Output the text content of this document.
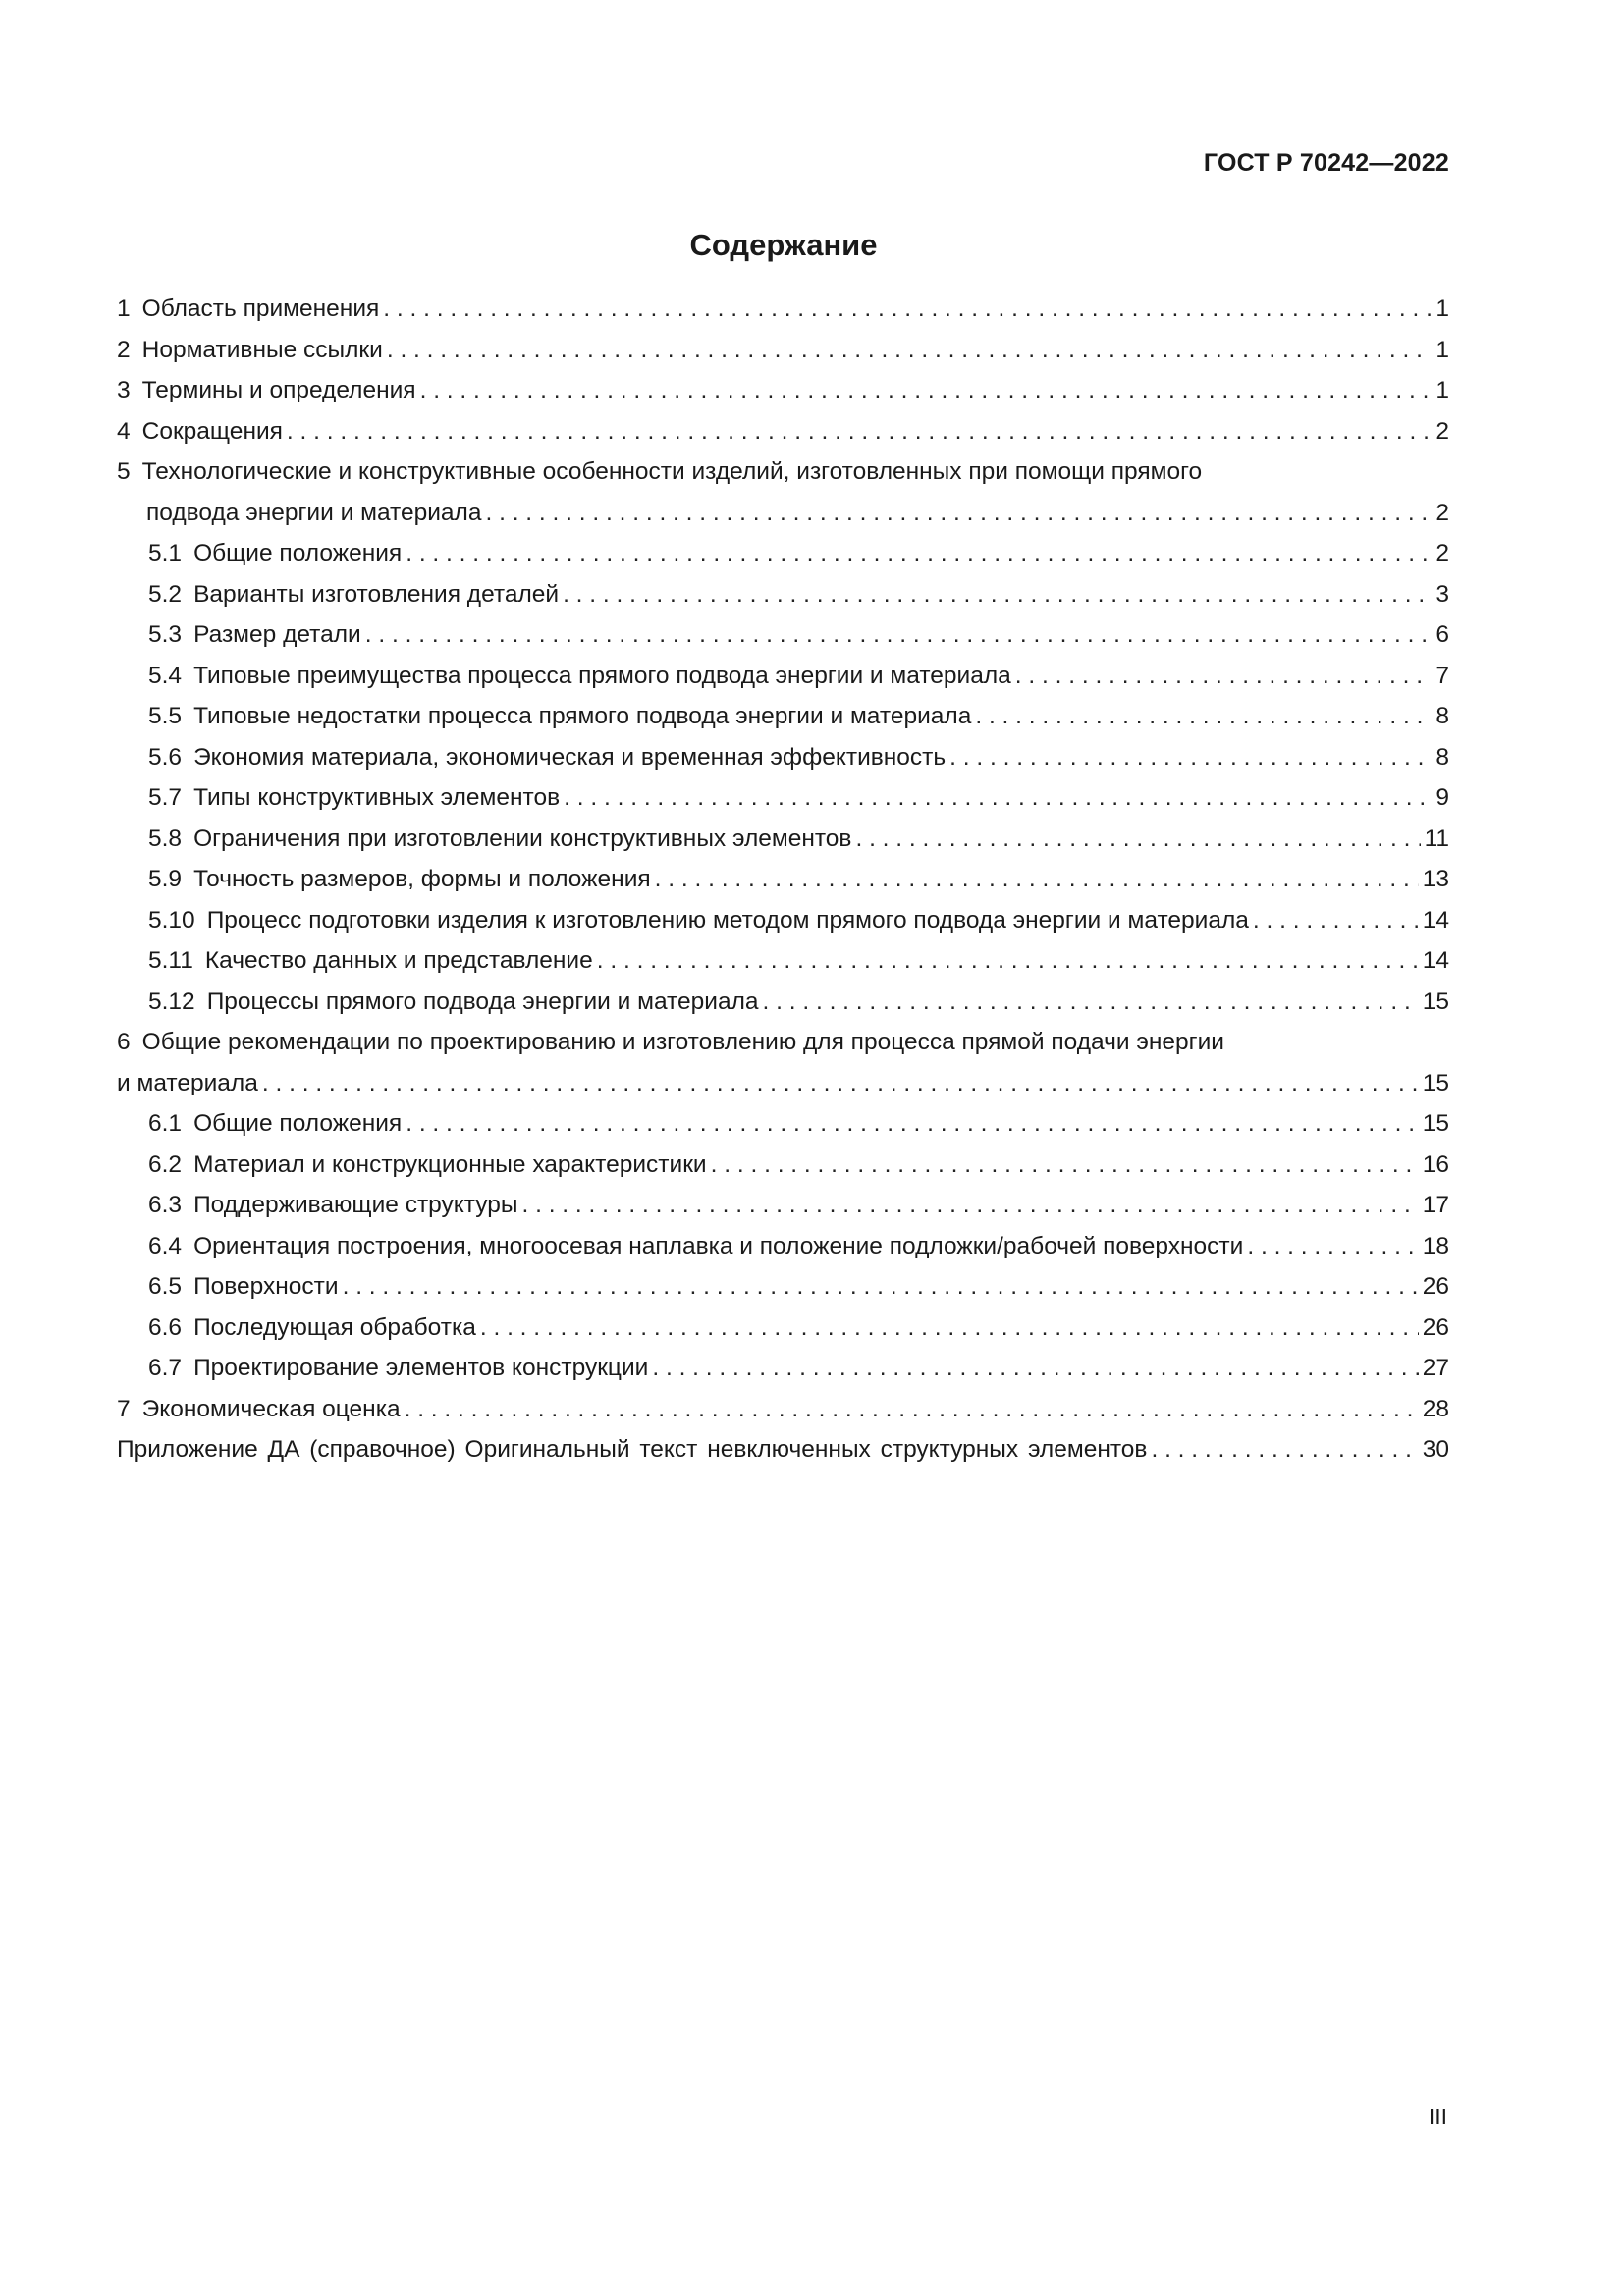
ГОСТ Р 70242—2022
Содержание
1 Область применения . . .	1
2 Нормативные ссылки . . .	1
3 Термины и определения . . .	1
4 Сокращения . . .	2
5 Технологические и конструктивные особенности изделий, изготовленных при помощи прямого
подвода энергии и материала . . .	2
5.1 Общие положения . . .	2
5.2 Варианты изготовления деталей . . .	3
5.3 Размер детали . . .	6
5.4 Типовые преимущества процесса прямого подвода энергии и материала . . .	7
5.5 Типовые недостатки процесса прямого подвода энергии и материала . . .	8
5.6 Экономия материала, экономическая и временная эффективность . . .	8
5.7 Типы конструктивных элементов . . .	9
5.8 Ограничения при изготовлении конструктивных элементов . . .	11
5.9 Точность размеров, формы и положения . . .	13
5.10 Процесс подготовки изделия к изготовлению методом прямого подвода энергии и материала . . .	14
5.11 Качество данных и представление . . .	14
5.12 Процессы прямого подвода энергии и материала . . .	15
6 Общие рекомендации по проектированию и изготовлению для процесса прямой подачи энергии
и материала . . .	15
6.1 Общие положения . . .	15
6.2 Материал и конструкционные характеристики . . .	16
6.3 Поддерживающие структуры . . .	17
6.4 Ориентация построения, многоосевая наплавка и положение подложки/рабочей поверхности . . .	18
6.5 Поверхности . . .	26
6.6 Последующая обработка . . .	26
6.7 Проектирование элементов конструкции . . .	27
7 Экономическая оценка . . .	28
Приложение ДА (справочное) Оригинальный текст невключенных структурных элементов . . .	30
III
